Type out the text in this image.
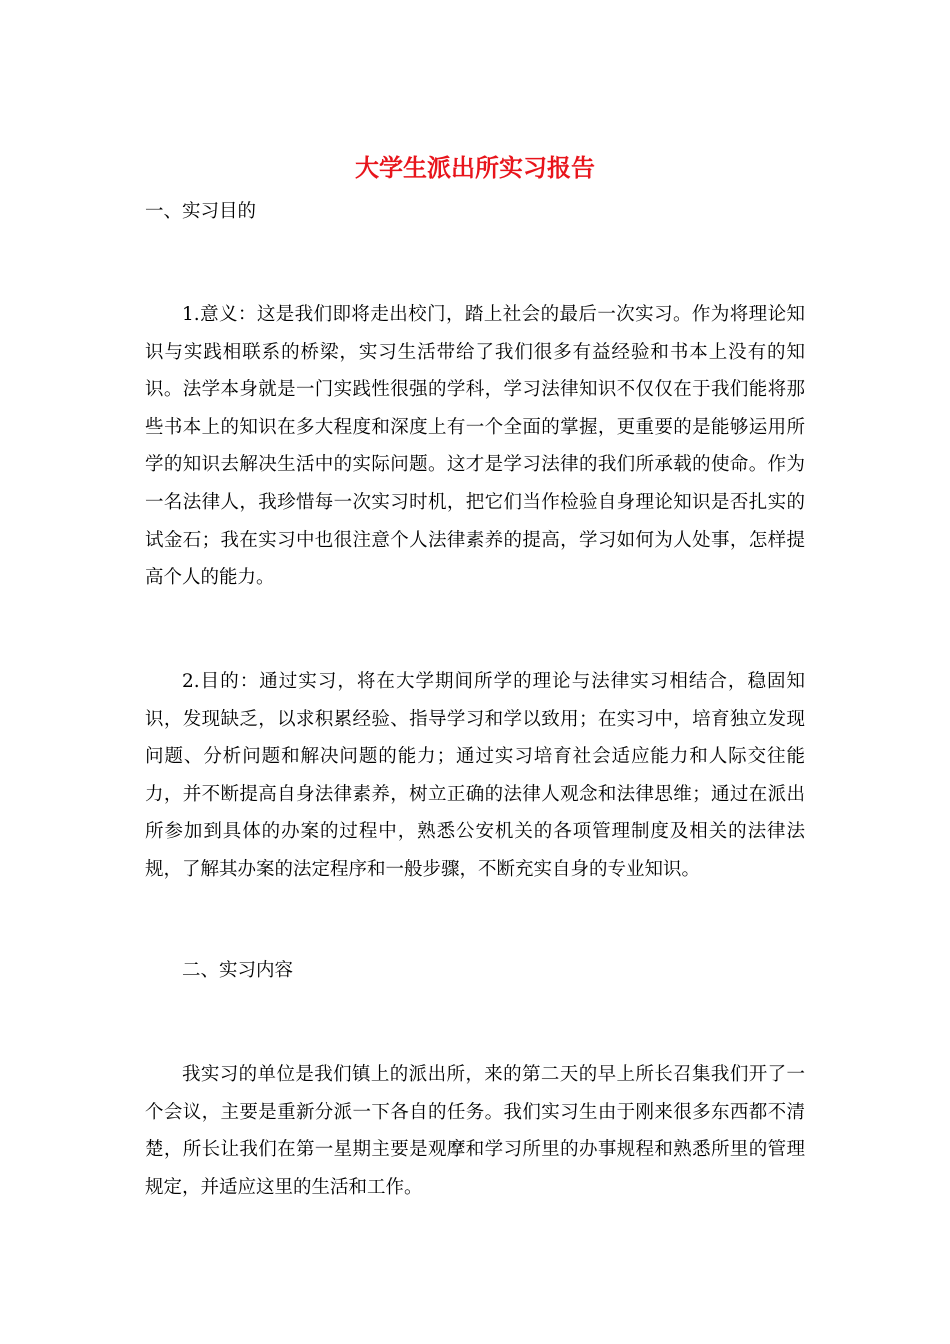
大学生派出所实习报告
一、实习目的
1.意义：这是我们即将走出校门，踏上社会的最后一次实习。作为将理论知识与实践相联系的桥梁，实习生活带给了我们很多有益经验和书本上没有的知识。法学本身就是一门实践性很强的学科，学习法律知识不仅仅在于我们能将那些书本上的知识在多大程度和深度上有一个全面的掌握，更重要的是能够运用所学的知识去解决生活中的实际问题。这才是学习法律的我们所承载的使命。作为一名法律人，我珍惜每一次实习时机，把它们当作检验自身理论知识是否扎实的试金石；我在实习中也很注意个人法律素养的提高，学习如何为人处事，怎样提高个人的能力。
2.目的：通过实习，将在大学期间所学的理论与法律实习相结合，稳固知识，发现缺乏，以求积累经验、指导学习和学以致用；在实习中，培育独立发现问题、分析问题和解决问题的能力；通过实习培育社会适应能力和人际交往能力，并不断提高自身法律素养，树立正确的法律人观念和法律思维；通过在派出所参加到具体的办案的过程中，熟悉公安机关的各项管理制度及相关的法律法规，了解其办案的法定程序和一般步骤，不断充实自身的专业知识。
二、实习内容
我实习的单位是我们镇上的派出所，来的第二天的早上所长召集我们开了一个会议，主要是重新分派一下各自的任务。我们实习生由于刚来很多东西都不清楚，所长让我们在第一星期主要是观摩和学习所里的办事规程和熟悉所里的管理规定，并适应这里的生活和工作。
